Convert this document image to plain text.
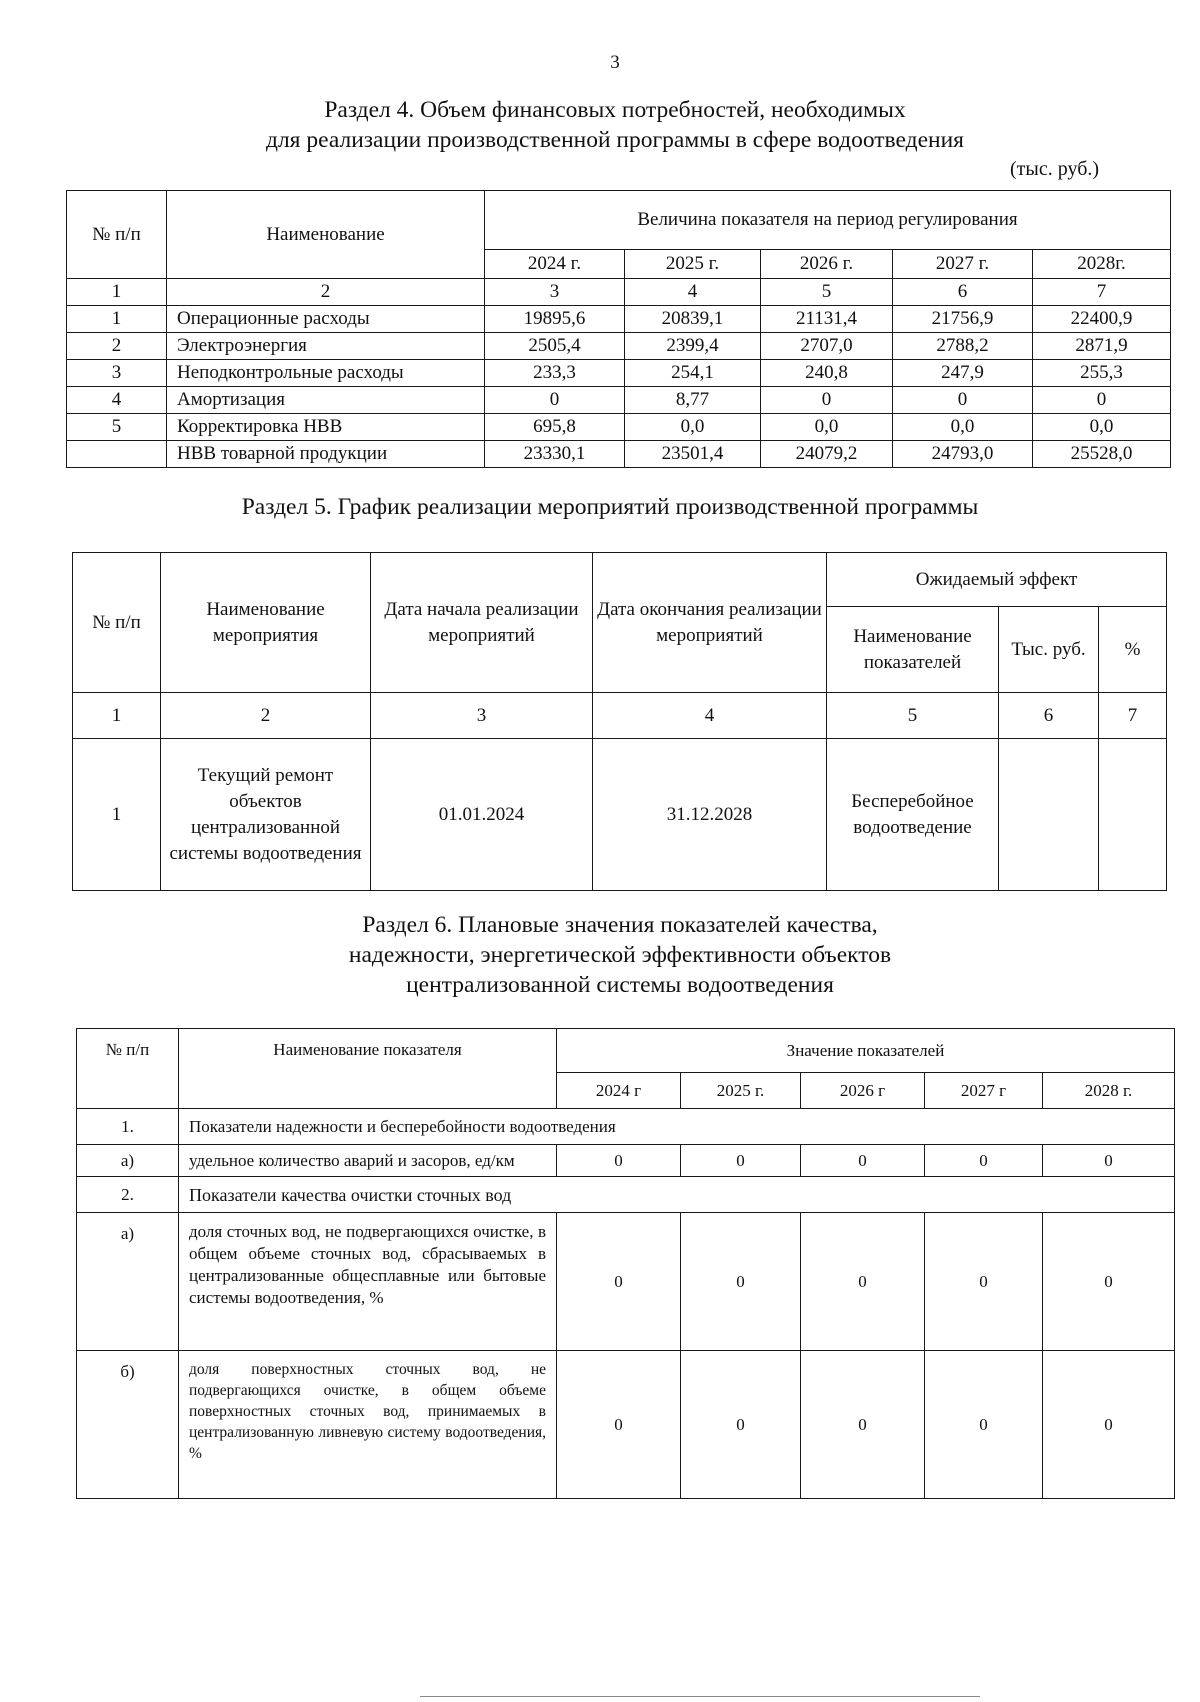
3
Раздел 4. Объем финансовых потребностей, необходимых
для реализации производственной программы в сфере водоотведения
(тыс. руб.)
№ п/п	Наименование	Величина показателя на период регулирования				
		2024 г.	2025 г.	2026 г.	2027 г.	2028г.
1	2	3	4	5	6	7
1	Операционные расходы	19895,6	20839,1	21131,4	21756,9	22400,9
2	Электроэнергия	2505,4	2399,4	2707,0	2788,2	2871,9
3	Неподконтрольные расходы	233,3	254,1	240,8	247,9	255,3
4	Амортизация	0	8,77	0	0	0
5	Корректировка НВВ	695,8	0,0	0,0	0,0	0,0
	НВВ товарной продукции	23330,1	23501,4	24079,2	24793,0	25528,0
Раздел 5. График реализации мероприятий производственной программы
№ п/п	Наименование мероприятия	Дата начала реализации мероприятий	Дата окончания реализации мероприятий	Ожидаемый эффект		
				Наименование показателей	Тыс. руб.	%
1	2	3	4	5	6	7
1	Текущий ремонт объектов централизованной системы водоотведения	01.01.2024	31.12.2028	Бесперебойное водоотведение		
Раздел 6. Плановые значения показателей качества,
надежности, энергетической эффективности объектов
централизованной системы водоотведения
№ п/п	Наименование показателя	Значение показателей				
		2024 г	2025 г.	2026 г	2027 г	2028 г.
1.	Показатели надежности и бесперебойности водоотведения					
а)	удельное количество аварий и засоров, ед/км	0	0	0	0	0
2.	Показатели качества очистки сточных вод					
а)	доля сточных вод, не подвергающихся очистке, в общем объеме сточных вод, сбрасываемых в централизованные общесплавные или бытовые системы водоотведения, %	0	0	0	0	0
б)	доля поверхностных сточных вод, не подвергающихся очистке, в общем объеме поверхностных сточных вод, принимаемых в централизованную ливневую систему водоотведения, %	0	0	0	0	0
